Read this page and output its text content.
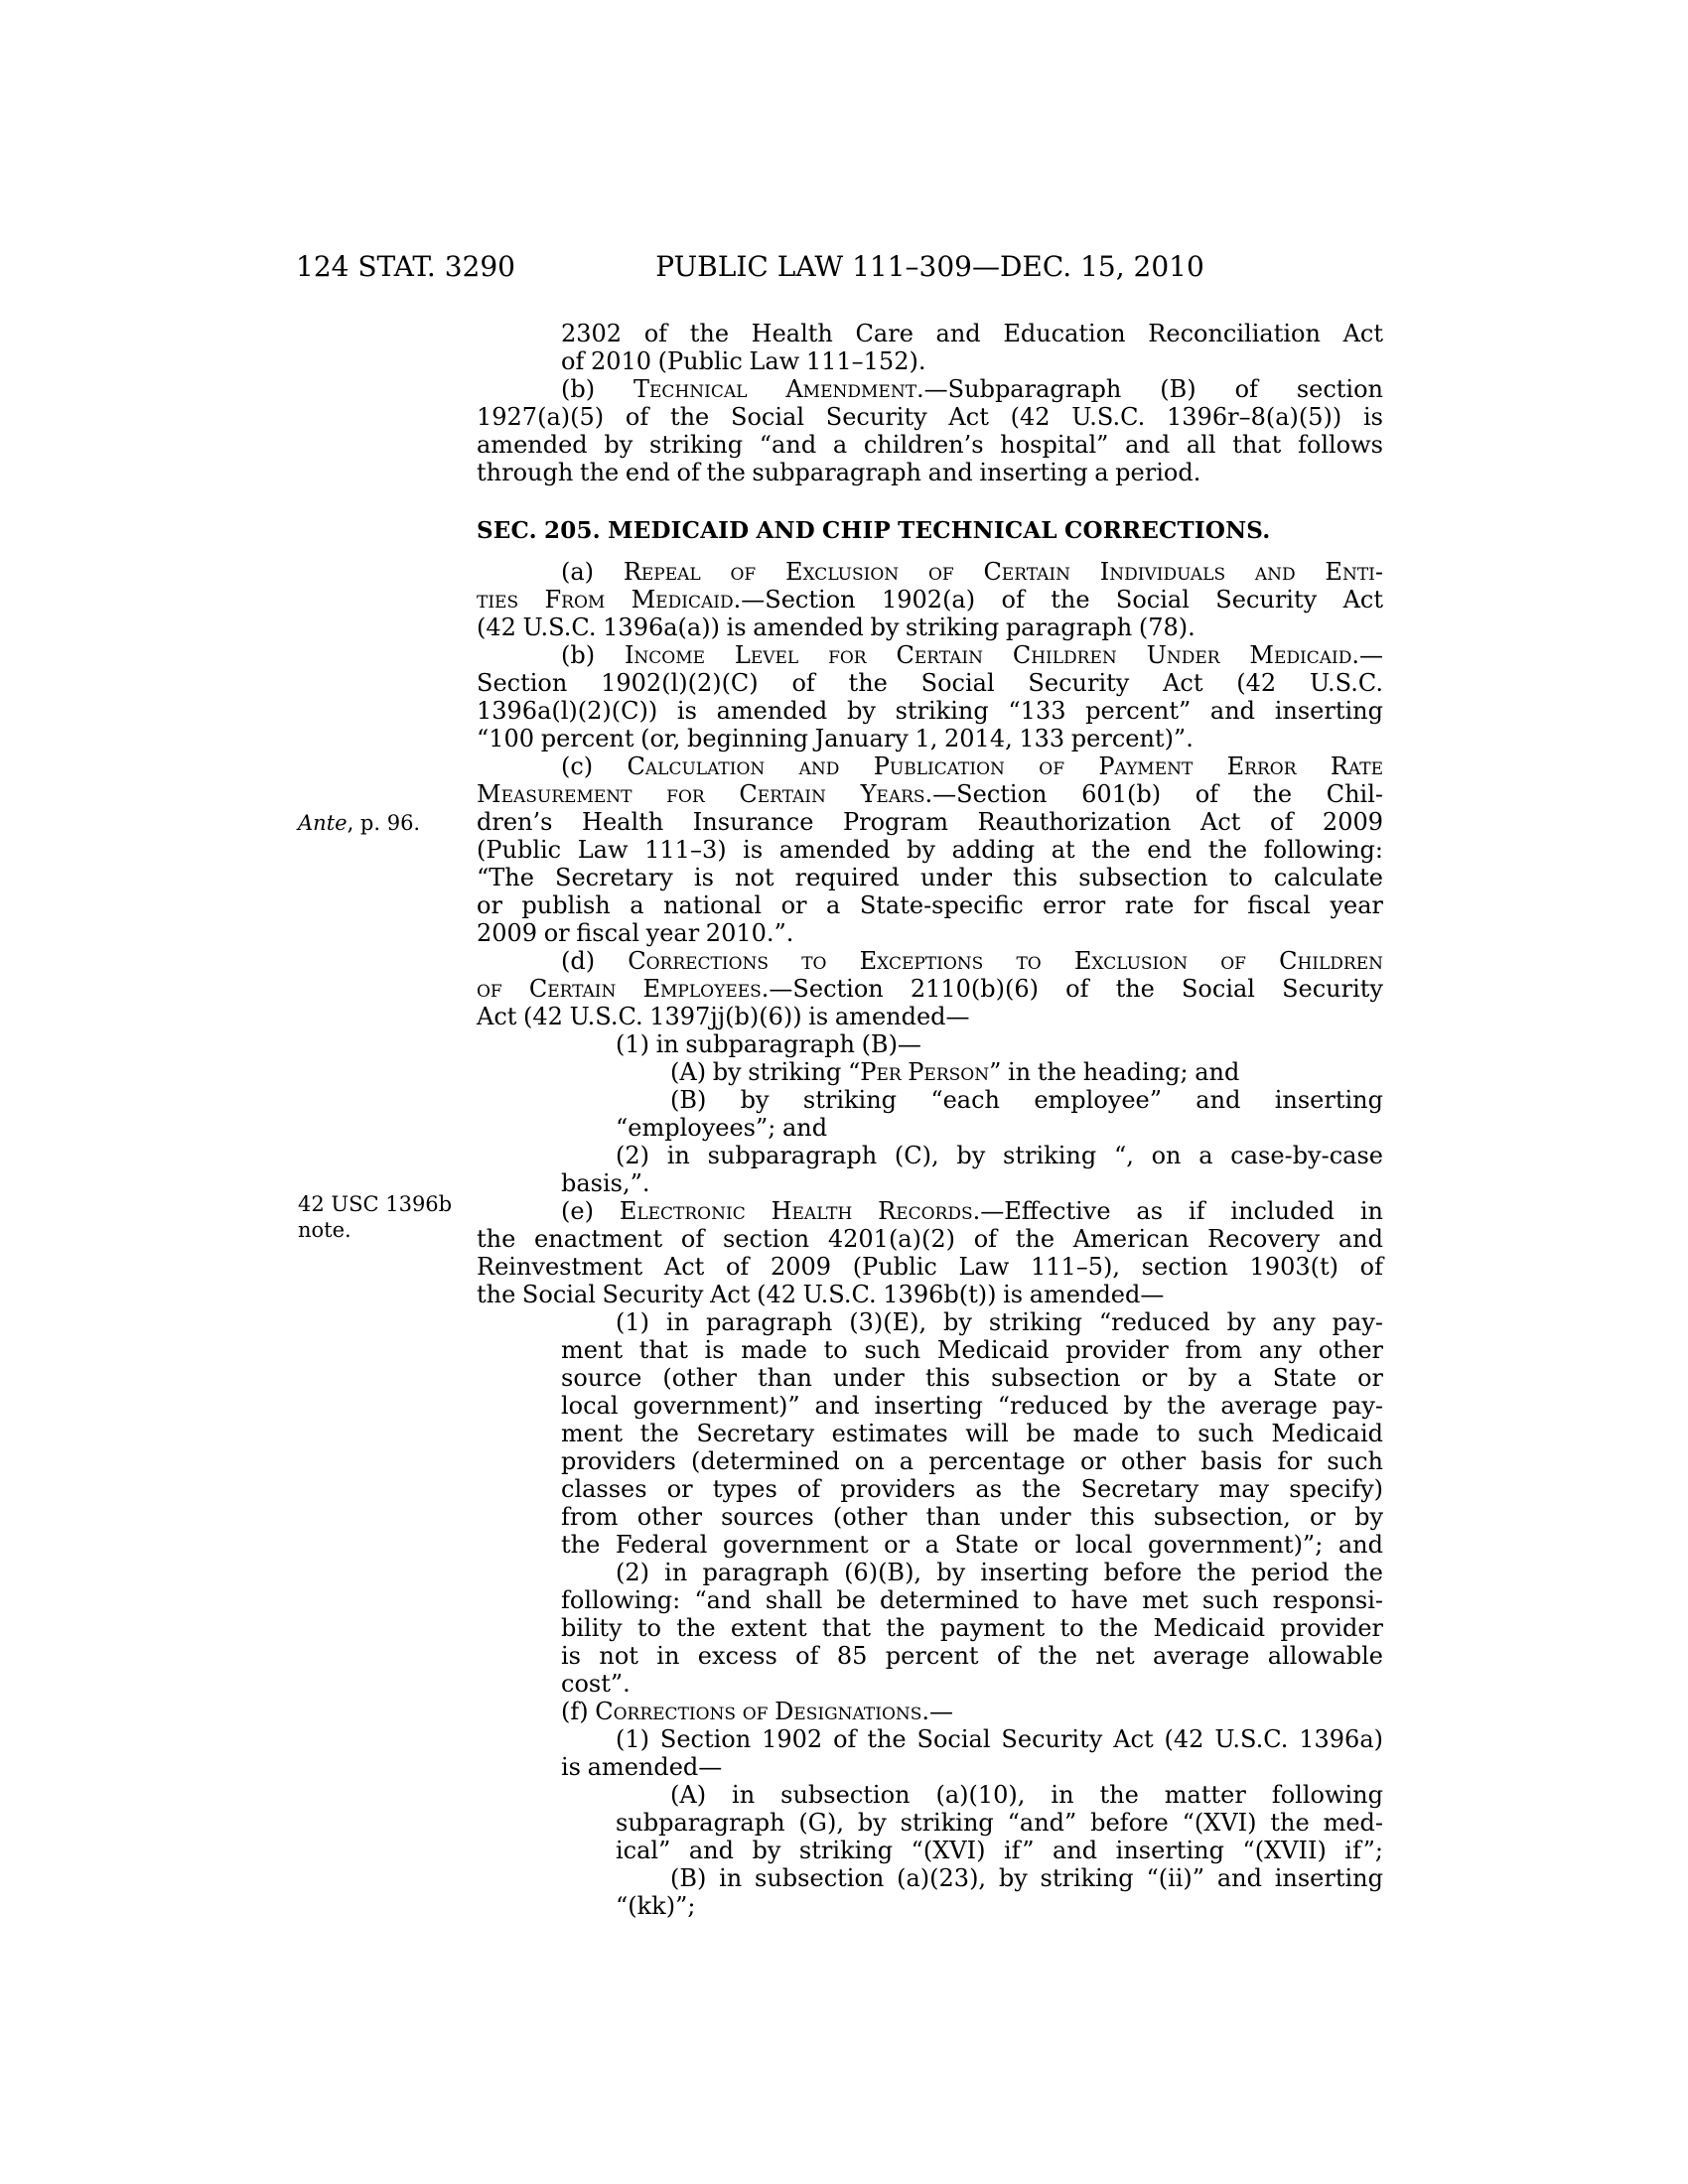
124 STAT. 3290	PUBLIC LAW 111–309—DEC. 15, 2010
Ante, p. 96.
42 USC 1396b
note.
2302 of the Health Care and Education Reconciliation Act
of 2010 (Public Law 111–152).
(b) Technical Amendment.—Subparagraph (B) of section
1927(a)(5) of the Social Security Act (42 U.S.C. 1396r–8(a)(5)) is
amended by striking “and a children’s hospital” and all that follows
through the end of the subparagraph and inserting a period.
SEC. 205. MEDICAID AND CHIP TECHNICAL CORRECTIONS.
(a) Repeal of Exclusion of Certain Individuals and Enti-
ties From Medicaid.—Section 1902(a) of the Social Security Act
(42 U.S.C. 1396a(a)) is amended by striking paragraph (78).
(b) Income Level for Certain Children Under Medicaid.—
Section 1902(l)(2)(C) of the Social Security Act (42 U.S.C.
1396a(l)(2)(C)) is amended by striking “133 percent” and inserting
“100 percent (or, beginning January 1, 2014, 133 percent)”.
(c) Calculation and Publication of Payment Error Rate
Measurement for Certain Years.—Section 601(b) of the Chil-
dren’s Health Insurance Program Reauthorization Act of 2009
(Public Law 111–3) is amended by adding at the end the following:
“The Secretary is not required under this subsection to calculate
or publish a national or a State-specific error rate for fiscal year
2009 or fiscal year 2010.”.
(d) Corrections to Exceptions to Exclusion of Children
of Certain Employees.—Section 2110(b)(6) of the Social Security
Act (42 U.S.C. 1397jj(b)(6)) is amended—
(1) in subparagraph (B)—
(A) by striking “Per Person” in the heading; and
(B) by striking “each employee” and inserting
“employees”; and
(2) in subparagraph (C), by striking “, on a case-by-case
basis,”.
(e) Electronic Health Records.—Effective as if included in
the enactment of section 4201(a)(2) of the American Recovery and
Reinvestment Act of 2009 (Public Law 111–5), section 1903(t) of
the Social Security Act (42 U.S.C. 1396b(t)) is amended—
(1) in paragraph (3)(E), by striking “reduced by any pay-
ment that is made to such Medicaid provider from any other
source (other than under this subsection or by a State or
local government)” and inserting “reduced by the average pay-
ment the Secretary estimates will be made to such Medicaid
providers (determined on a percentage or other basis for such
classes or types of providers as the Secretary may specify)
from other sources (other than under this subsection, or by
the Federal government or a State or local government)”; and
(2) in paragraph (6)(B), by inserting before the period the
following: “and shall be determined to have met such responsi-
bility to the extent that the payment to the Medicaid provider
is not in excess of 85 percent of the net average allowable
cost”.
(f) Corrections of Designations.—
(1) Section 1902 of the Social Security Act (42 U.S.C. 1396a)
is amended—
(A) in subsection (a)(10), in the matter following
subparagraph (G), by striking “and” before “(XVI) the med-
ical” and by striking “(XVI) if” and inserting “(XVII) if”;
(B) in subsection (a)(23), by striking “(ii)” and inserting
“(kk)”;
